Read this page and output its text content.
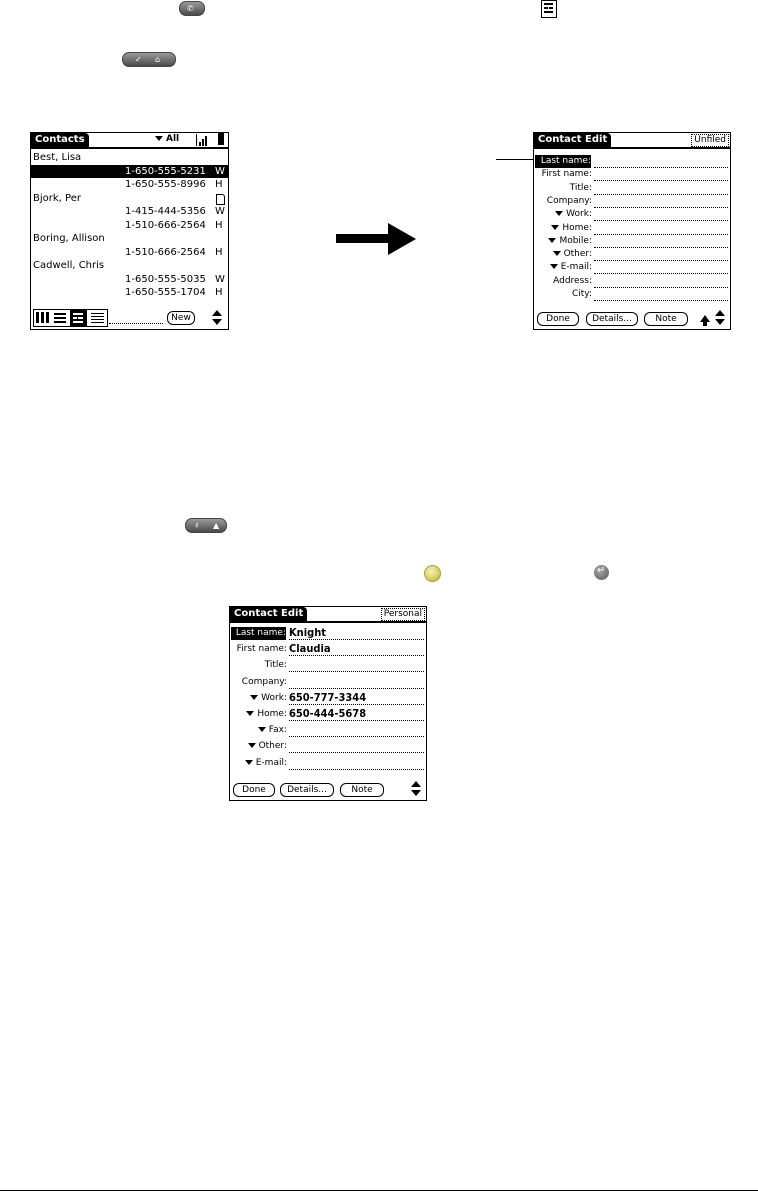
✆
✓ ⌂
Contacts	All
Best, Lisa
1-650-555-5231 W
1-650-555-8996 H
Bjork, Per
1-415-444-5356 W
1-510-666-2564 H
Boring, Allison
1-510-666-2564 H
Cadwell, Chris
1-650-555-5035 W
1-650-555-1704 H
New
Contact Edit	Unfiled
Last name:
First name:
Title:
Company:
Work:
Home:
Mobile:
Other:
E-mail:
Address:
City:
Done	Details...	Note
♯ ▲
↵
Contact Edit	Personal
Last name: Knight
First name: Claudia
Title:
Company:
Work: 650-777-3344
Home: 650-444-5678
Fax:
Other:
E-mail:
Done	Details...	Note
